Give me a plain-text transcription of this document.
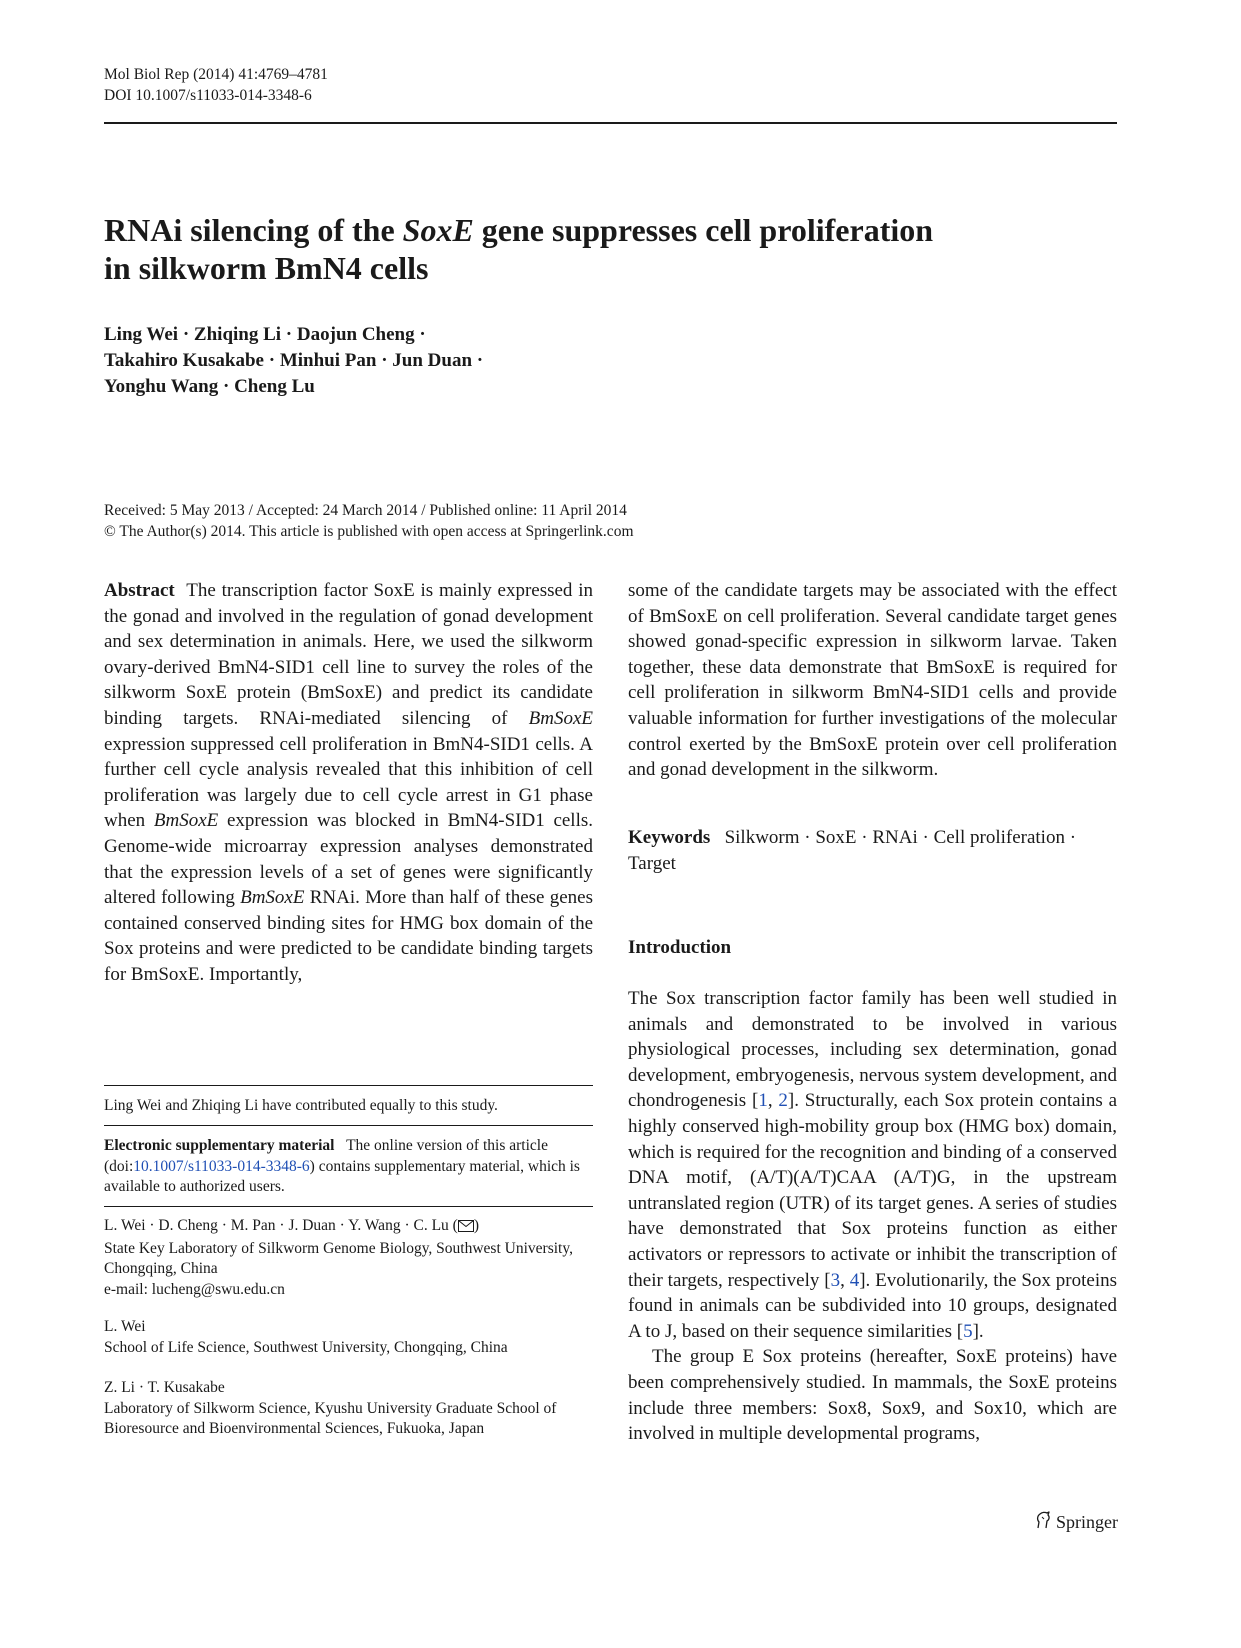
Mol Biol Rep (2014) 41:4769–4781
DOI 10.1007/s11033-014-3348-6
RNAi silencing of the SoxE gene suppresses cell proliferation
in silkworm BmN4 cells
Ling Wei · Zhiqing Li · Daojun Cheng ·
Takahiro Kusakabe · Minhui Pan · Jun Duan ·
Yonghu Wang · Cheng Lu
Received: 5 May 2013 / Accepted: 24 March 2014 / Published online: 11 April 2014
© The Author(s) 2014. This article is published with open access at Springerlink.com

Abstract The transcription factor SoxE is mainly expressed in the gonad and involved in the regulation of gonad development and sex determination in animals. Here, we used the silkworm ovary-derived BmN4-SID1 cell line to survey the roles of the silkworm SoxE protein (BmSoxE) and predict its candidate binding targets. RNAi-mediated silencing of BmSoxE expression suppressed cell proliferation in BmN4-SID1 cells. A further cell cycle analysis revealed that this inhibition of cell proliferation was largely due to cell cycle arrest in G1 phase when BmSoxE expression was blocked in BmN4-SID1 cells. Genome-wide microarray expression analyses demonstrated that the expression levels of a set of genes were significantly altered following BmSoxE RNAi. More than half of these genes contained conserved binding sites for HMG box domain of the Sox proteins and were predicted to be candidate binding targets for BmSoxE. Importantly,

some of the candidate targets may be associated with the effect of BmSoxE on cell proliferation. Several candidate target genes showed gonad-specific expression in silkworm larvae. Taken together, these data demonstrate that BmSoxE is required for cell proliferation in silkworm BmN4-SID1 cells and provide valuable information for further investigations of the molecular control exerted by the BmSoxE protein over cell proliferation and gonad development in the silkworm.

Keywords Silkworm · SoxE · RNAi · Cell proliferation · Target

Introduction

The Sox transcription factor family has been well studied in animals and demonstrated to be involved in various physiological processes, including sex determination, gonad development, embryogenesis, nervous system development, and chondrogenesis [1, 2]. Structurally, each Sox protein contains a highly conserved high-mobility group box (HMG box) domain, which is required for the recognition and binding of a conserved DNA motif, (A/T)(A/T)CAA (A/T)G, in the upstream untranslated region (UTR) of its target genes. A series of studies have demonstrated that Sox proteins function as either activators or repressors to activate or inhibit the transcription of their targets, respectively [3, 4]. Evolutionarily, the Sox proteins found in animals can be subdivided into 10 groups, designated A to J, based on their sequence similarities [5].

The group E Sox proteins (hereafter, SoxE proteins) have been comprehensively studied. In mammals, the SoxE proteins include three members: Sox8, Sox9, and Sox10, which are involved in multiple developmental programs,

Ling Wei and Zhiqing Li have contributed equally to this study.

Electronic supplementary material The online version of this article (doi:10.1007/s11033-014-3348-6) contains supplementary material, which is available to authorized users.

L. Wei · D. Cheng · M. Pan · J. Duan · Y. Wang · C. Lu ( )

State Key Laboratory of Silkworm Genome Biology, Southwest University, Chongqing, China

e-mail: lucheng@swu.edu.cn

L. Wei

School of Life Science, Southwest University, Chongqing, China

Z. Li · T. Kusakabe

Laboratory of Silkworm Science, Kyushu University Graduate School of Bioresource and Bioenvironmental Sciences, Fukuoka, Japan

Springer
